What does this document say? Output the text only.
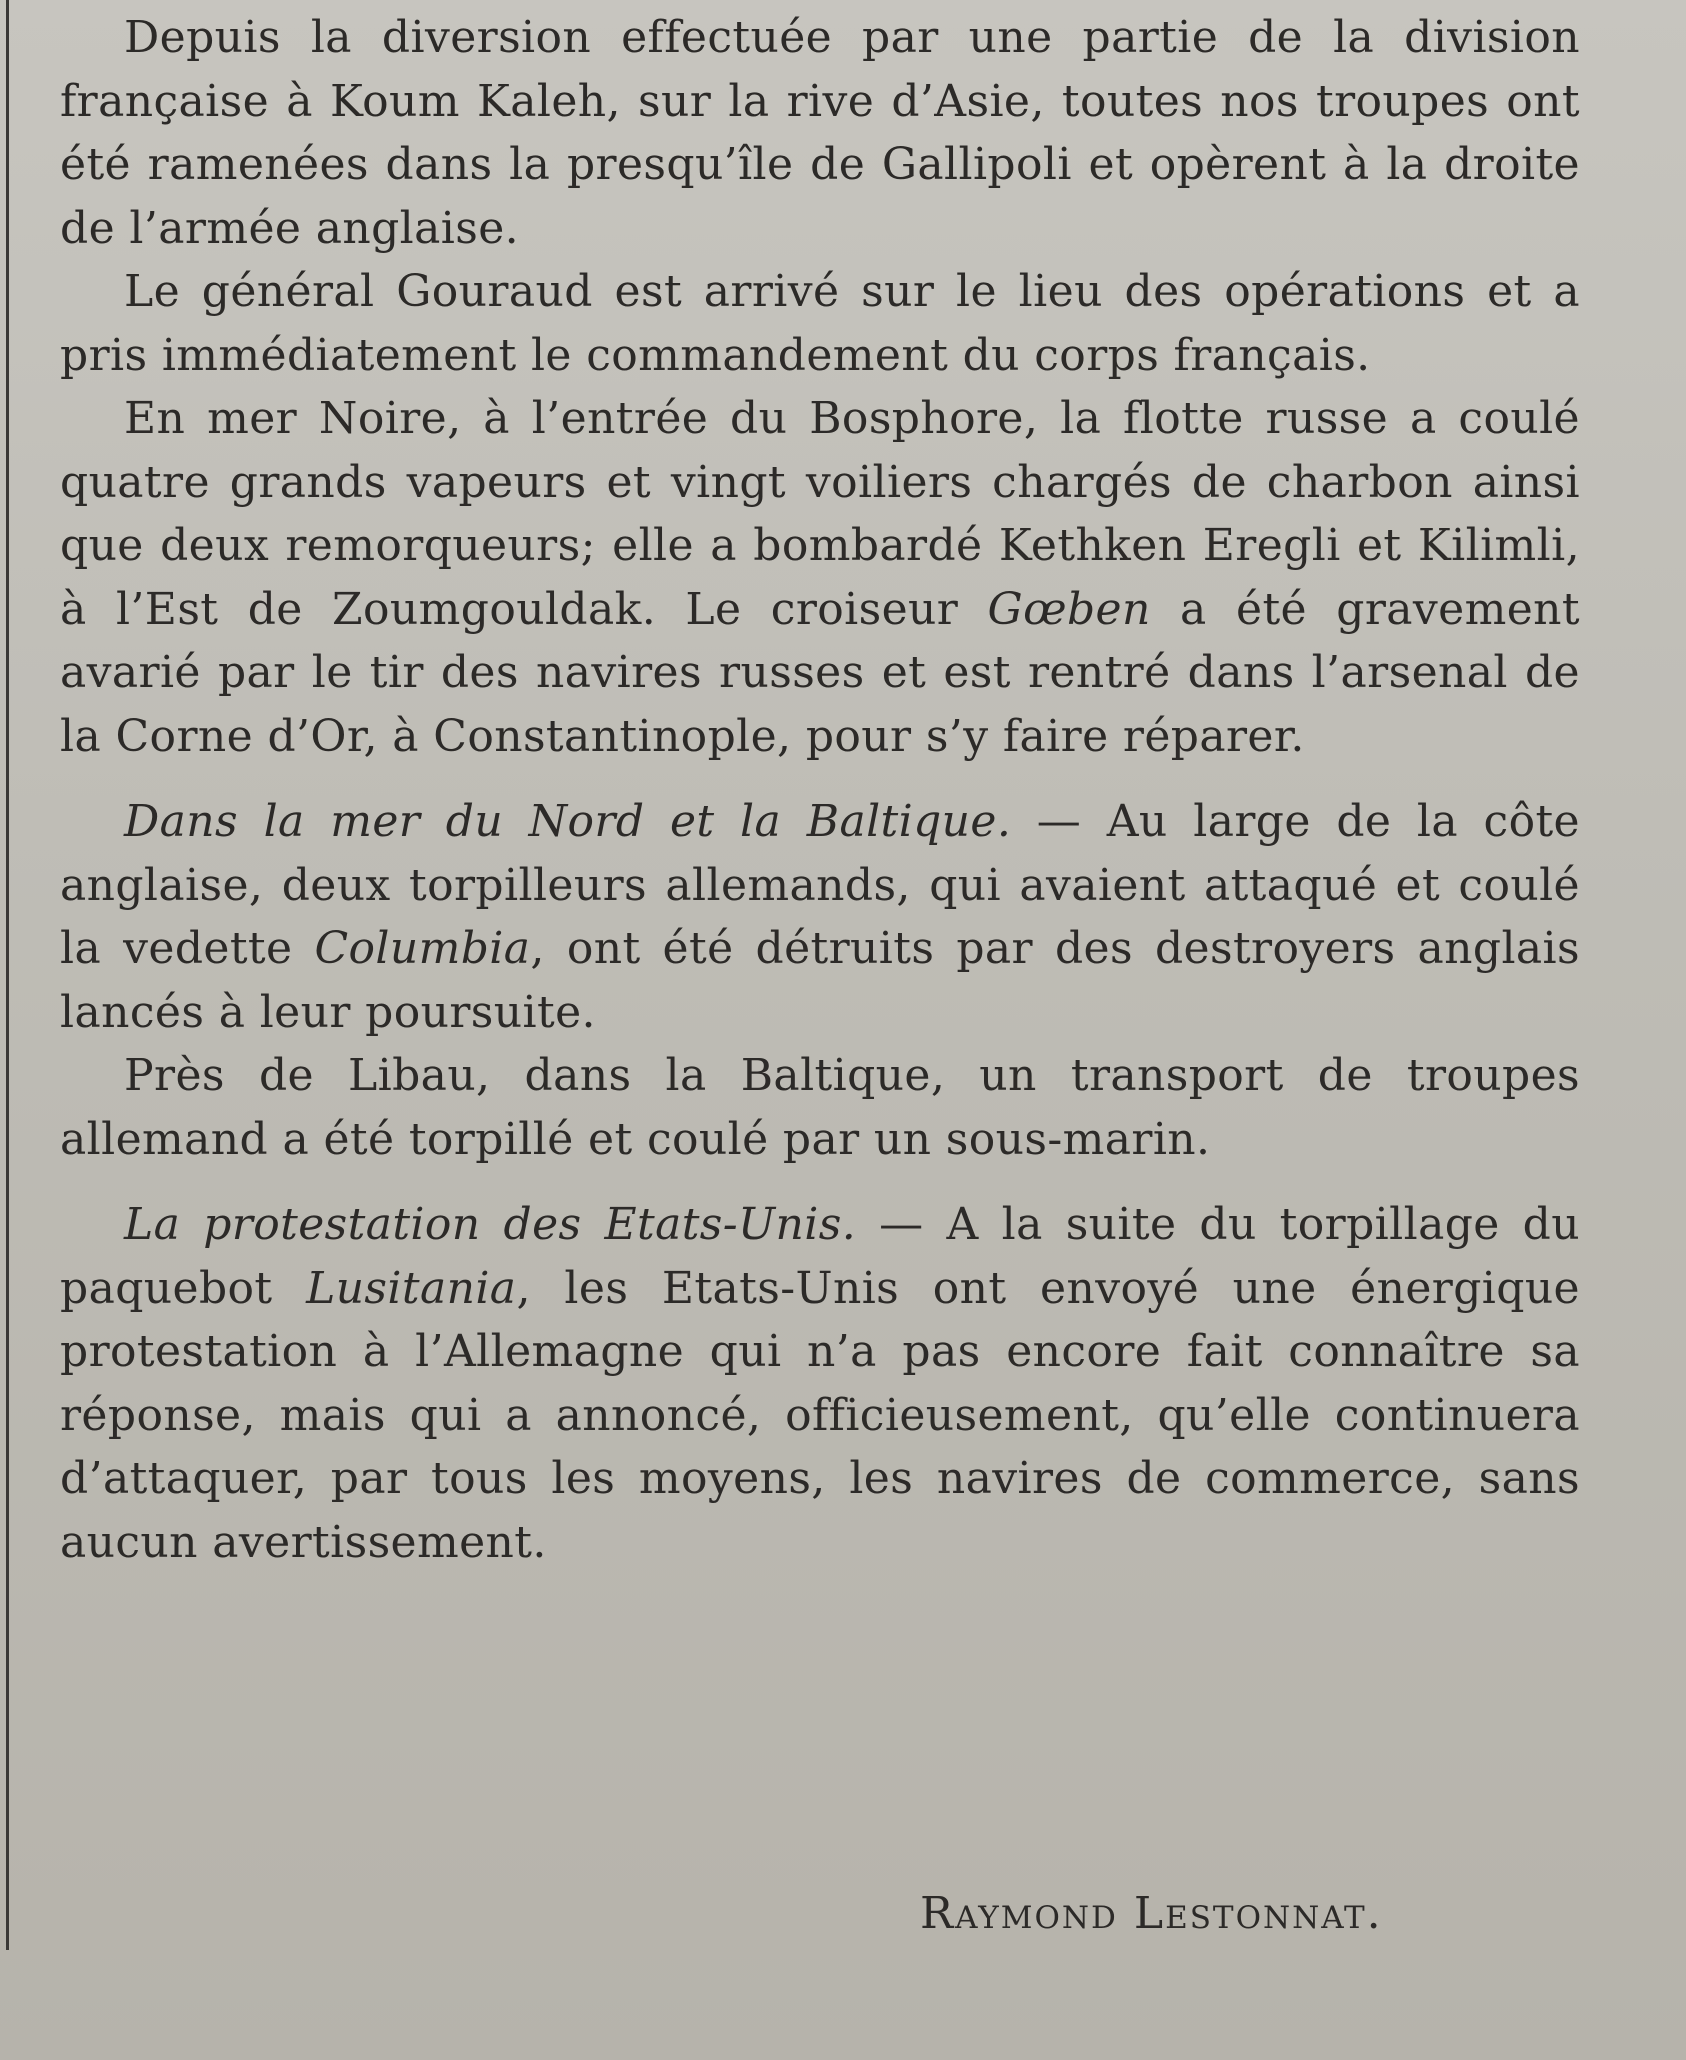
Depuis la diversion effectuée par une partie de la division française à Koum Kaleh, sur la rive d’Asie, toutes nos troupes ont été ramenées dans la presqu’île de Gallipoli et opèrent à la droite de l’armée anglaise.

Le général Gouraud est arrivé sur le lieu des opérations et a pris immédiatement le commandement du corps français.

En mer Noire, à l’entrée du Bosphore, la flotte russe a coulé quatre grands vapeurs et vingt voiliers chargés de charbon ainsi que deux remorqueurs; elle a bombardé Kethken Eregli et Kilimli, à l’Est de Zoumgouldak. Le croiseur Gœben a été gravement avarié par le tir des navires russes et est rentré dans l’arsenal de la Corne d’Or, à Constantinople, pour s’y faire réparer.

Dans la mer du Nord et la Baltique. — Au large de la côte anglaise, deux torpilleurs allemands, qui avaient attaqué et coulé la vedette Columbia, ont été détruits par des destroyers anglais lancés à leur poursuite.

Près de Libau, dans la Baltique, un transport de troupes allemand a été torpillé et coulé par un sous-marin.

La protestation des Etats-Unis. — A la suite du torpillage du paquebot Lusitania, les Etats-Unis ont envoyé une énergique protestation à l’Allemagne qui n’a pas encore fait connaître sa réponse, mais qui a annoncé, officieusement, qu’elle continuera d’attaquer, par tous les moyens, les navires de commerce, sans aucun avertissement.

Raymond Lestonnat.
